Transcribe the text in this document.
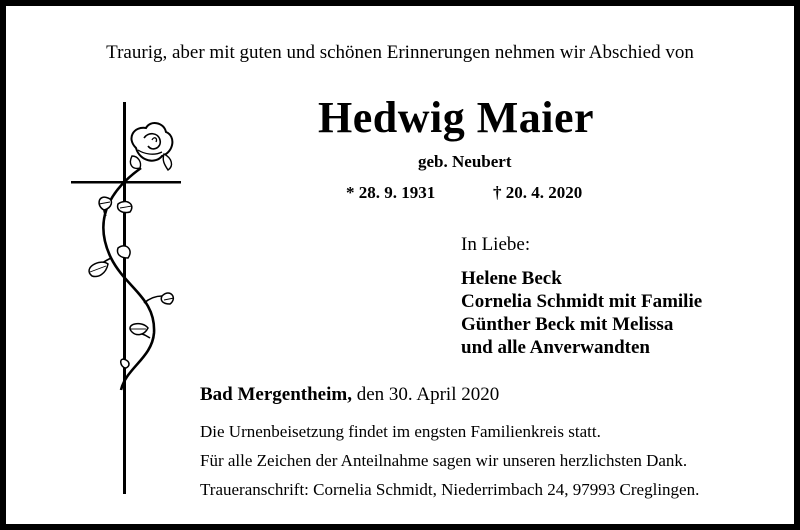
Traurig, aber mit guten und schönen Erinnerungen nehmen wir Abschied von
Hedwig Maier
geb. Neubert
* 28. 9. 1931	† 20. 4. 2020
In Liebe:
Helene Beck
Cornelia Schmidt mit Familie
Günther Beck mit Melissa
und alle Anverwandten
Bad Mergentheim, den 30. April 2020
Die Urnenbeisetzung findet im engsten Familienkreis statt.
Für alle Zeichen der Anteilnahme sagen wir unseren herzlichsten Dank.
Traueranschrift: Cornelia Schmidt, Niederrimbach 24, 97993 Creglingen.
